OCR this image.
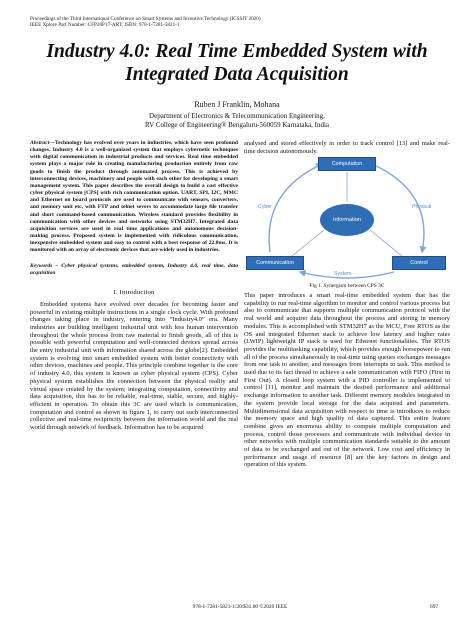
Proceedings of the Third International Conference on Smart Systems and Inventive Technology (ICSSIT 2020)
IEEE Xplore Part Number: CFP20P17-ART; ISBN: 978-1-7281-5821-1
Industry 4.0: Real Time Embedded System with Integrated Data Acquisition
Ruben J Franklin, Mohana
Department of Electronics & Telecommunication Engineering,
RV College of Engineering® Bengaluru-560059 Karnataka, India
Abstract—Technology has evolved over years in industries, which have seen profound changes. Industry 4.0 is a well-organized system that employs cybernetic techniques with digital communication in industrial products and services. Real time embedded system plays a major role in creating manufacturing production entirely from raw goods to finish the product through automated process. This is achieved by interconnecting devices, machinery and people with each other for developing a smart management system. This paper describes the overall design to build a cost effective cyber physical system [CPS] with rich communication option. UART, SPI, I2C, MMC and Ethernet on board protocols are used to communicate with sensors, converters, and memory unit etc, with FTP and telnet severs to accommodate large file transfer and short command-based communication. Wireless standard provides flexibility in communication with other devices and networks using STM32H7. Integrated data acquisition services are used in real time applications and autonomous decision-making process. Proposed system is implemented with ridiculous communication, inexpensive embedded system and easy to control with a best response of 22.8ms. It is monitored with an array of electronic devices that are widely used in industries.
Keywords – Cyber physical systems, embedded system, Industry 4.0, real time, data acquisition
I. Introduction
Embedded systems have evolved over decades for becoming faster and powerful in existing multiple instructions in a single clock cycle. With profound changes taking place in industry, entering into “Industry4.0” era. Many industries are building intelligent industrial unit with less human intervention throughout the whole process from raw material to finish goods, all of this is possible with powerful computation and well-connected devices spread across the entry industrial unit with information shared across the globe[2]. Embedded system is evolving into smart embedded system with better connectivity with other devices, machines and people. This principle combine together is the core of industry 4.0, this system is known as cyber physical system (CPS). Cyber physical system establishes the connection between the physical reality and virtual space created by the system; integrating computation, connectivity and data acquisition, this has to be reliable, real-time, stable, secure, and highly-efficient in operation. To obtain this 3C are used which is communication, computation and control as shown in figure 1, to carry out such interconnected collective and real-time reciprocity between the information world and the real world through network of feedback. Information has to be acquired
analysed and stored effectively in order to track control [13] and make real-time decision autonomously.
Computation
Information
Communication	Control
Cyber	Physical
System
Fig 1. Synergism between CPS 3C
This paper introduces a smart real-time embedded system that has the capability to run real-time algorithm to monitor and control various process but also to communicate that supports multiple communication protocol with the real world and acquirer data throughout the process and storing in memory modules. This is accomplished with STM32H7 as the MCU, Free RTOS as the OS and integrated Ethernet stack to achieve low latency and higher rates (LWIP) lightweight IP stack is used for Ethernet functionalities. The RTOS provides the multitasking capability, which provides enough horsepower to run all of the process simultaneously in real-time using queues exchanges messages from one task to another, and messages from interrupts to task. This method is used due to its fact thread to achieve a safe communication with FIFO (First in First Out). A closed loop system with a PID controller is implemented to control [11], monitor and maintain the desired performance and additional exchange information to another task. Different memory modules integrated in the system provide local storage for the data acquired and parameters. Multidimensional data acquisition with respect to time is introduces to reduce the memory space and high quality of data captured. This entire feature combine gives an enormous ability to compute multiple computation and process, control those processes and communicate with individual device in other networks with multiple communication standards suitable to the amount of data to be exchanged and out of the network. Low cost and efficiency in performance and usage of resource [8] are the key factors in design and operation of this system.
978-1-7281-5821-1/20/$31.00 ©2020 IEEE	697
